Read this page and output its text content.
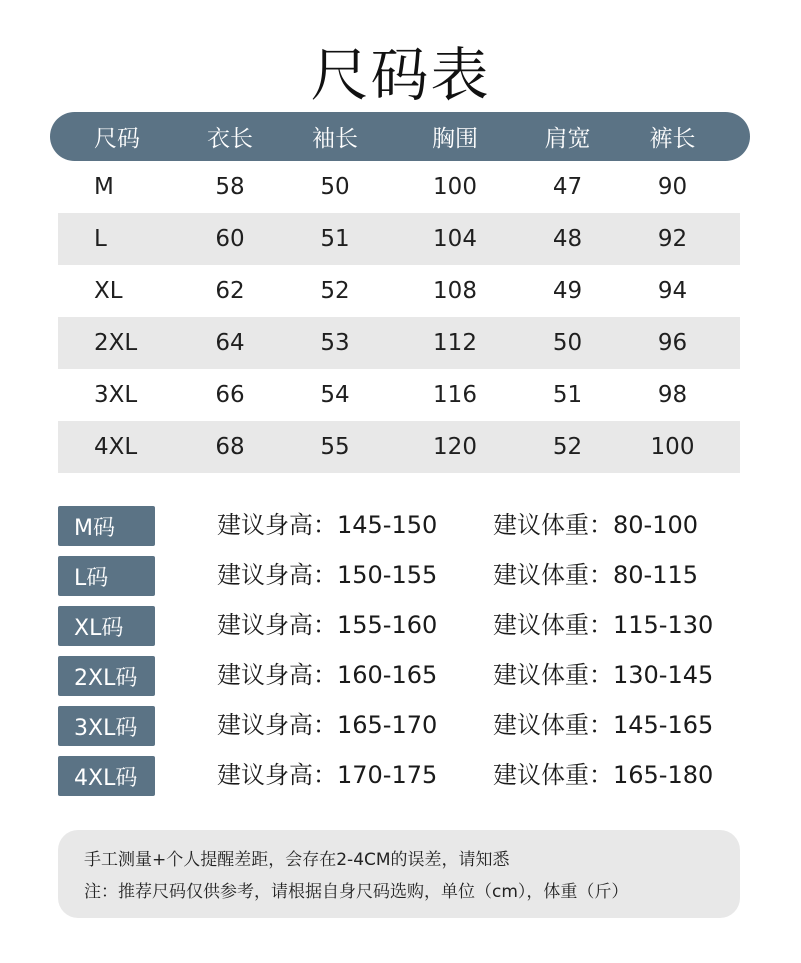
尺码表
尺码	衣长	袖长	胸围	肩宽	裤长
M	58	50	100	47	90
L	60	51	104	48	92
XL	62	52	108	49	94
2XL	64	53	112	50	96
3XL	66	54	116	51	98
4XL	68	55	120	52	100
M码	建议身高：145-150	建议体重：80-100
L码	建议身高：150-155	建议体重：80-115
XL码	建议身高：155-160	建议体重：115-130
2XL码	建议身高：160-165	建议体重：130-145
3XL码	建议身高：165-170	建议体重：145-165
4XL码	建议身高：170-175	建议体重：165-180
手工测量+个人提醒差距，会存在2-4CM的误差，请知悉
注：推荐尺码仅供参考，请根据自身尺码选购，单位（cm），体重（斤）
